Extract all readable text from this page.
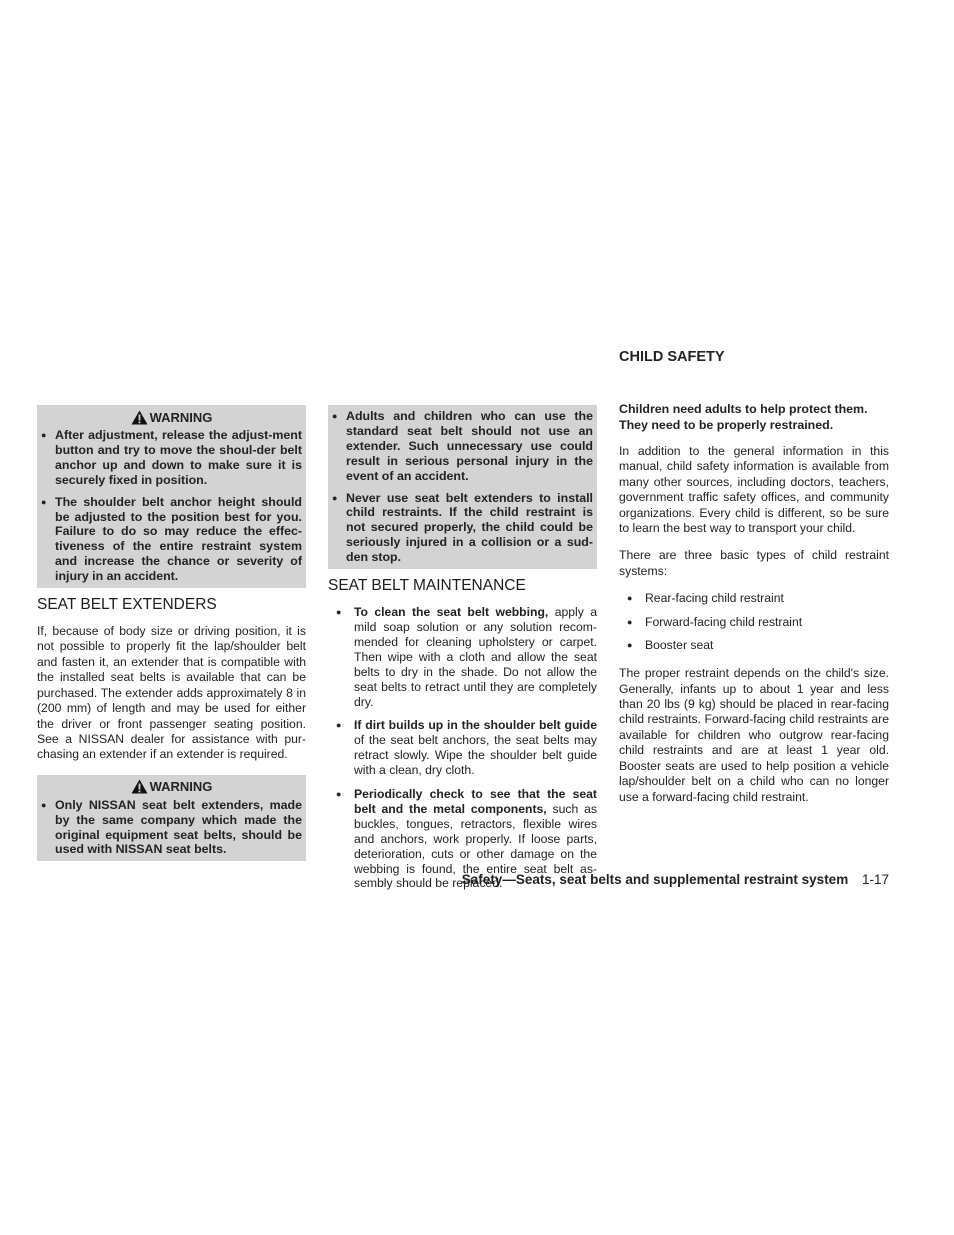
WARNING
● After adjustment, release the adjust-ment button and try to move the shoul-der belt anchor up and down to make sure it is securely fixed in position.
● The shoulder belt anchor height should be adjusted to the position best for you. Failure to do so may reduce the effec-tiveness of the entire restraint system and increase the chance or severity of injury in an accident.
SEAT BELT EXTENDERS

If, because of body size or driving position, it is not possible to properly fit the lap/shoulder belt and fasten it, an extender that is compatible with the installed seat belts is available that can be purchased. The extender adds approximately 8 in (200 mm) of length and may be used for either the driver or front passenger seating position. See a NISSAN dealer for assistance with pur-chasing an extender if an extender is required.

WARNING
● Only NISSAN seat belt extenders, made by the same company which made the original equipment seat belts, should be used with NISSAN seat belts.
● Adults and children who can use the standard seat belt should not use an extender. Such unnecessary use could result in serious personal injury in the event of an accident.
● Never use seat belt extenders to install child restraints. If the child restraint is not secured properly, the child could be seriously injured in a collision or a sud-den stop.
SEAT BELT MAINTENANCE
● To clean the seat belt webbing, apply a mild soap solution or any solution recom-mended for cleaning upholstery or carpet. Then wipe with a cloth and allow the seat belts to dry in the shade. Do not allow the seat belts to retract until they are completely dry.
● If dirt builds up in the shoulder belt guide of the seat belt anchors, the seat belts may retract slowly. Wipe the shoulder belt guide with a clean, dry cloth.
● Periodically check to see that the seat belt and the metal components, such as buckles, tongues, retractors, flexible wires and anchors, work properly. If loose parts, deterioration, cuts or other damage on the webbing is found, the entire seat belt as-sembly should be replaced.
CHILD SAFETY

Children need adults to help protect them. They need to be properly restrained.

In addition to the general information in this manual, child safety information is available from many other sources, including doctors, teachers, government traffic safety offices, and community organizations. Every child is different, so be sure to learn the best way to transport your child.

There are three basic types of child restraint systems:

● Rear-facing child restraint
● Forward-facing child restraint
● Booster seat

The proper restraint depends on the child's size. Generally, infants up to about 1 year and less than 20 lbs (9 kg) should be placed in rear-facing child restraints. Forward-facing child restraints are available for children who outgrow rear-facing child restraints and are at least 1 year old. Booster seats are used to help position a vehicle lap/shoulder belt on a child who can no longer use a forward-facing child restraint.

Safety—Seats, seat belts and supplemental restraint system 1-17
